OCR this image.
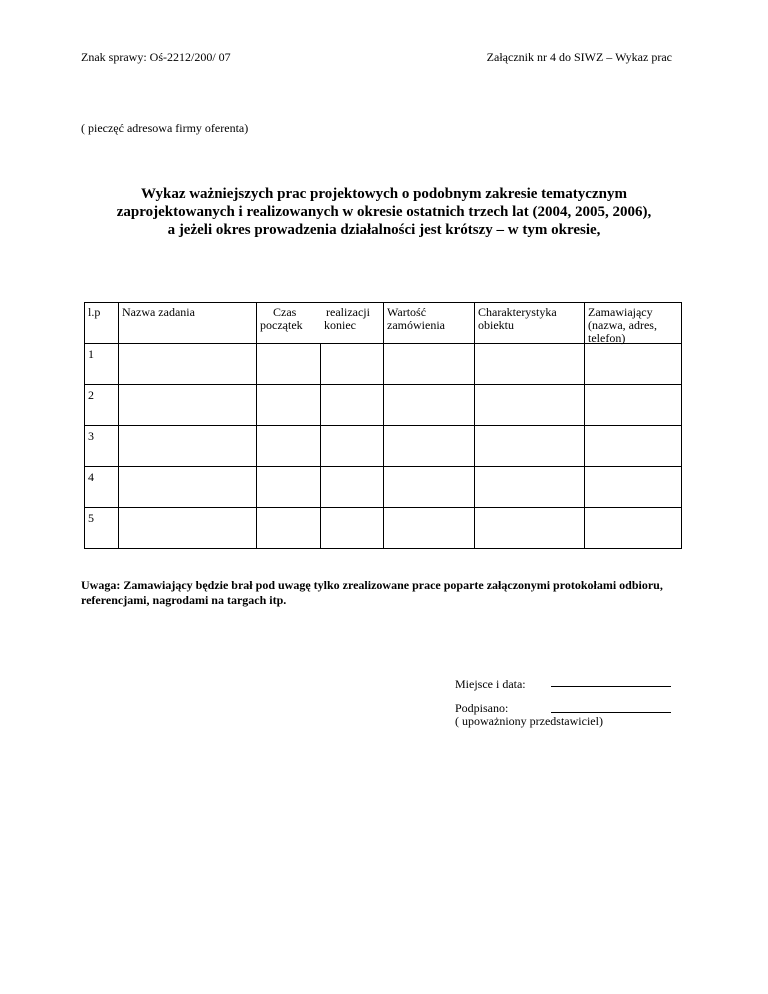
Znak sprawy: Oś-2212/200/ 07	Załącznik nr 4 do SIWZ – Wykaz prac
( pieczęć adresowa firmy oferenta)
Wykaz ważniejszych prac projektowych o podobnym zakresie tematycznym
zaprojektowanych i realizowanych w okresie ostatnich trzech lat (2004, 2005, 2006),
a jeżeli okres prowadzenia działalności jest krótszy – w tym okresie,
l.p Nazwa zadania	Czas realizacji
początek koniec
Wartość
zamówienia
Charakterystyka
obiektu
Zamawiający
(nazwa, adres,
telefon)
1
2
3
4
5
Uwaga: Zamawiający będzie brał pod uwagę tylko zrealizowane prace poparte załączonymi protokołami odbioru, referencjami, nagrodami na targach itp.
Miejsce i data:
Podpisano:
( upoważniony przedstawiciel)
